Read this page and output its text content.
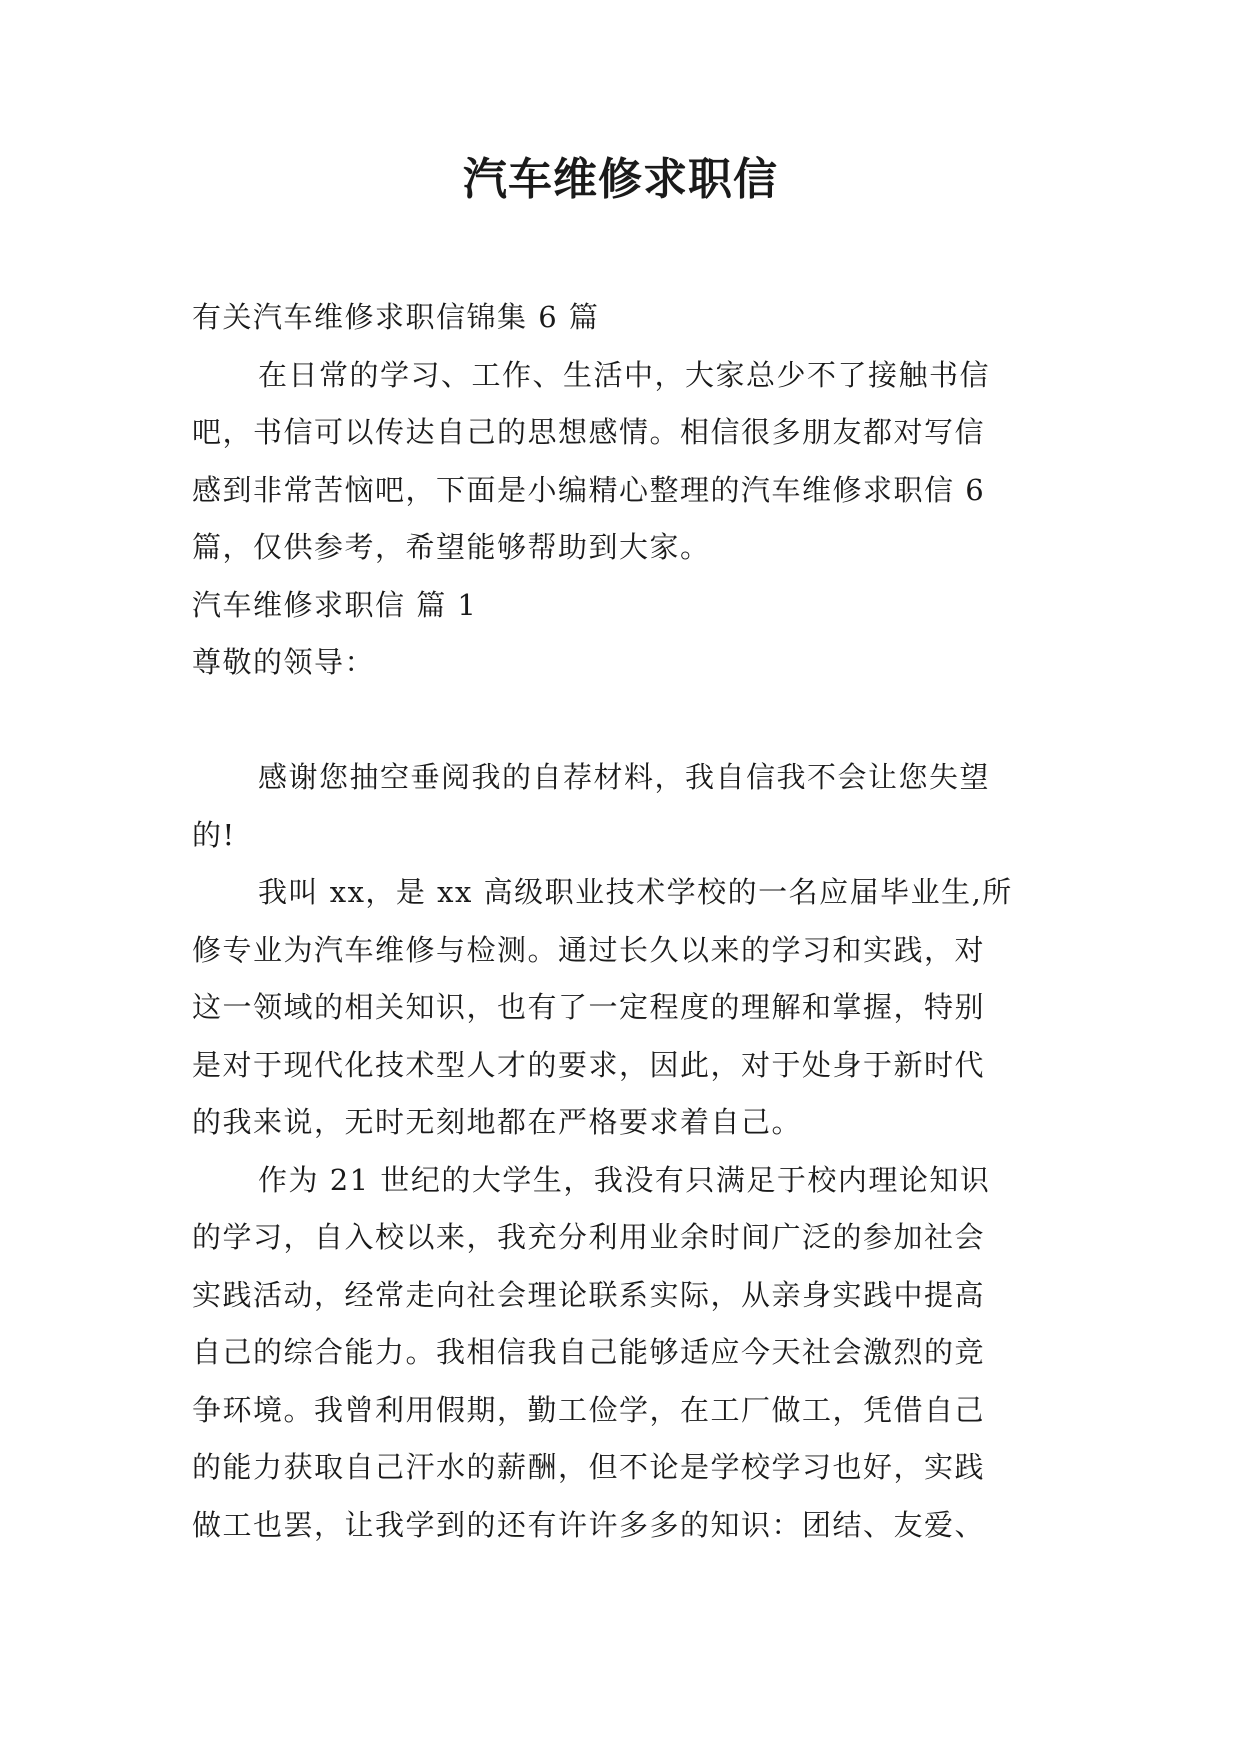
汽车维修求职信

有关汽车维修求职信锦集 6 篇

在日常的学习、工作、生活中，大家总少不了接触书信

吧，书信可以传达自己的思想感情。相信很多朋友都对写信

感到非常苦恼吧，下面是小编精心整理的汽车维修求职信 6

篇，仅供参考，希望能够帮助到大家。

汽车维修求职信 篇 1

尊敬的领导：

感谢您抽空垂阅我的自荐材料，我自信我不会让您失望

的!

我叫 xx，是 xx 高级职业技术学校的一名应届毕业生,所

修专业为汽车维修与检测。通过长久以来的学习和实践，对

这一领域的相关知识，也有了一定程度的理解和掌握，特别

是对于现代化技术型人才的要求，因此，对于处身于新时代

的我来说，无时无刻地都在严格要求着自己。

作为 21 世纪的大学生，我没有只满足于校内理论知识

的学习，自入校以来，我充分利用业余时间广泛的参加社会

实践活动，经常走向社会理论联系实际，从亲身实践中提高

自己的综合能力。我相信我自己能够适应今天社会激烈的竞

争环境。我曾利用假期，勤工俭学，在工厂做工，凭借自己

的能力获取自己汗水的薪酬，但不论是学校学习也好，实践

做工也罢，让我学到的还有许许多多的知识：团结、友爱、
